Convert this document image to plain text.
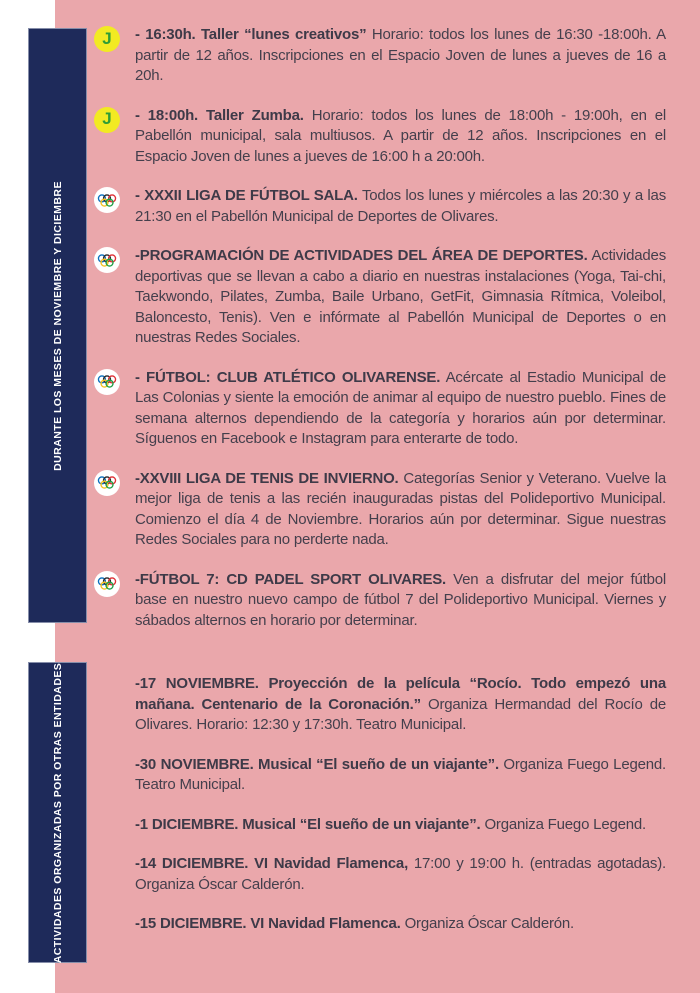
DURANTE LOS MESES DE NOVIEMBRE Y DICIEMBRE
ACTIVIDADES ORGANIZADAS POR OTRAS ENTIDADES
J - 16:30h. Taller “lunes creativos” Horario: todos los lunes de 16:30 -18:00h. A partir de 12 años. Inscripciones en el Espacio Joven de lunes a jueves de 16 a 20h.

J - 18:00h. Taller Zumba. Horario: todos los lunes de 18:00h - 19:00h, en el Pabellón municipal, sala multiusos. A partir de 12 años. Inscripciones en el Espacio Joven de lunes a jueves de 16:00 h a 20:00h.

- XXXII LIGA DE FÚTBOL SALA. Todos los lunes y miércoles a las 20:30 y a las 21:30 en el Pabellón Municipal de Deportes de Olivares.

-PROGRAMACIÓN DE ACTIVIDADES DEL ÁREA DE DEPORTES. Actividades deportivas que se llevan a cabo a diario en nuestras instalaciones (Yoga, Tai-chi, Taekwondo, Pilates, Zumba, Baile Urbano, GetFit, Gimnasia Rítmica, Voleibol, Baloncesto, Tenis). Ven e infórmate al Pabellón Municipal de Deportes o en nuestras Redes Sociales.

- FÚTBOL: CLUB ATLÉTICO OLIVARENSE. Acércate al Estadio Municipal de Las Colonias y siente la emoción de animar al equipo de nuestro pueblo. Fines de semana alternos dependiendo de la categoría y horarios aún por determinar. Síguenos en Facebook e Instagram para enterarte de todo.

-XXVIII LIGA DE TENIS DE INVIERNO. Categorías Senior y Veterano. Vuelve la mejor liga de tenis a las recién inauguradas pistas del Polideportivo Municipal. Comienzo el día 4 de Noviembre. Horarios aún por determinar. Sigue nuestras Redes Sociales para no perderte nada.

-FÚTBOL 7: CD PADEL SPORT OLIVARES. Ven a disfrutar del mejor fútbol base en nuestro nuevo campo de fútbol 7 del Polideportivo Municipal. Viernes y sábados alternos en horario por determinar.

-17 NOVIEMBRE. Proyección de la película “Rocío. Todo empezó una mañana. Centenario de la Coronación.” Organiza Hermandad del Rocío de Olivares. Horario: 12:30 y 17:30h. Teatro Municipal.

-30 NOVIEMBRE. Musical “El sueño de un viajante”. Organiza Fuego Legend. Teatro Municipal.

-1 DICIEMBRE. Musical “El sueño de un viajante”. Organiza Fuego Legend.

-14 DICIEMBRE. VI Navidad Flamenca, 17:00 y 19:00 h. (entradas agotadas). Organiza Óscar Calderón.

-15 DICIEMBRE. VI Navidad Flamenca. Organiza Óscar Calderón.
